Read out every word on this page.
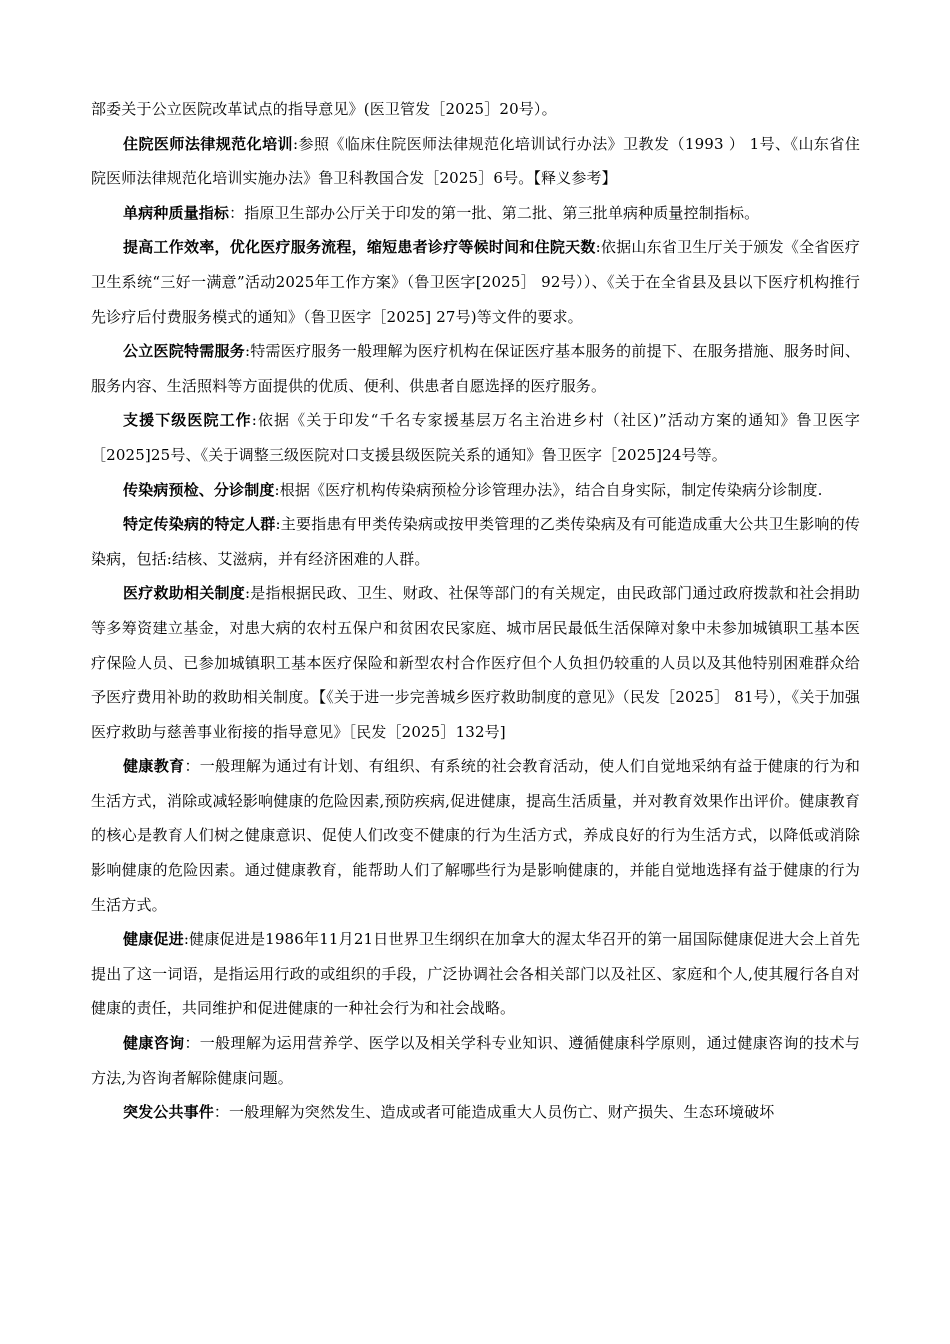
部委关于公立医院改革试点的指导意见》(医卫管发［2025］20号）。

住院医师法律规范化培训:参照《临床住院医师法律规范化培训试行办法》卫教发（1993 ） 1号、《山东省住院医师法律规范化培训实施办法》鲁卫科教国合发［2025］6号。【释义参考】

单病种质量指标：指原卫生部办公厅关于印发的第一批、第二批、第三批单病种质量控制指标。

提高工作效率，优化医疗服务流程，缩短患者诊疗等候时间和住院天数:依据山东省卫生厅关于颁发《全省医疗卫生系统“三好一满意”活动2025年工作方案》（鲁卫医字[2025］ 92号））、《关于在全省县及县以下医疗机构推行先诊疗后付费服务模式的通知》（鲁卫医字［2025] 27号)等文件的要求。

公立医院特需服务:特需医疗服务一般理解为医疗机构在保证医疗基本服务的前提下、在服务措施、服务时间、服务内容、生活照料等方面提供的优质、便利、供患者自愿选择的医疗服务。

支援下级医院工作:依据《关于印发“千名专家援基层万名主治进乡村（社区)”活动方案的通知》鲁卫医字［2025]25号、《关于调整三级医院对口支援县级医院关系的通知》鲁卫医字［2025]24号等。

传染病预检、分诊制度:根据《医疗机构传染病预检分诊管理办法》，结合自身实际，制定传染病分诊制度.

特定传染病的特定人群:主要指患有甲类传染病或按甲类管理的乙类传染病及有可能造成重大公共卫生影响的传染病，包括:结核、艾滋病，并有经济困难的人群。

医疗救助相关制度:是指根据民政、卫生、财政、社保等部门的有关规定，由民政部门通过政府拨款和社会捐助等多筹资建立基金，对患大病的农村五保户和贫困农民家庭、城市居民最低生活保障对象中未参加城镇职工基本医疗保险人员、已参加城镇职工基本医疗保险和新型农村合作医疗但个人负担仍较重的人员以及其他特别困难群众给予医疗费用补助的救助相关制度。【《关于进一步完善城乡医疗救助制度的意见》（民发［2025］ 81号），《关于加强医疗救助与慈善事业衔接的指导意见》［民发［2025］132号]

健康教育：一般理解为通过有计划、有组织、有系统的社会教育活动，使人们自觉地采纳有益于健康的行为和生活方式，消除或减轻影响健康的危险因素,预防疾病,促进健康，提高生活质量，并对教育效果作出评价。健康教育的核心是教育人们树之健康意识、促使人们改变不健康的行为生活方式，养成良好的行为生活方式，以降低或消除影响健康的危险因素。通过健康教育，能帮助人们了解哪些行为是影响健康的，并能自觉地选择有益于健康的行为生活方式。

健康促进:健康促进是1986年11月21日世界卫生纲织在加拿大的渥太华召开的第一届国际健康促进大会上首先提出了这一词语，是指运用行政的或组织的手段，广泛协调社会各相关部门以及社区、家庭和个人,使其履行各自对健康的责任，共同维护和促进健康的一种社会行为和社会战略。

健康咨询：一般理解为运用营养学、医学以及相关学科专业知识、遵循健康科学原则，通过健康咨询的技术与方法,为咨询者解除健康问题。

突发公共事件：一般理解为突然发生、造成或者可能造成重大人员伤亡、财产损失、生态环境破坏
